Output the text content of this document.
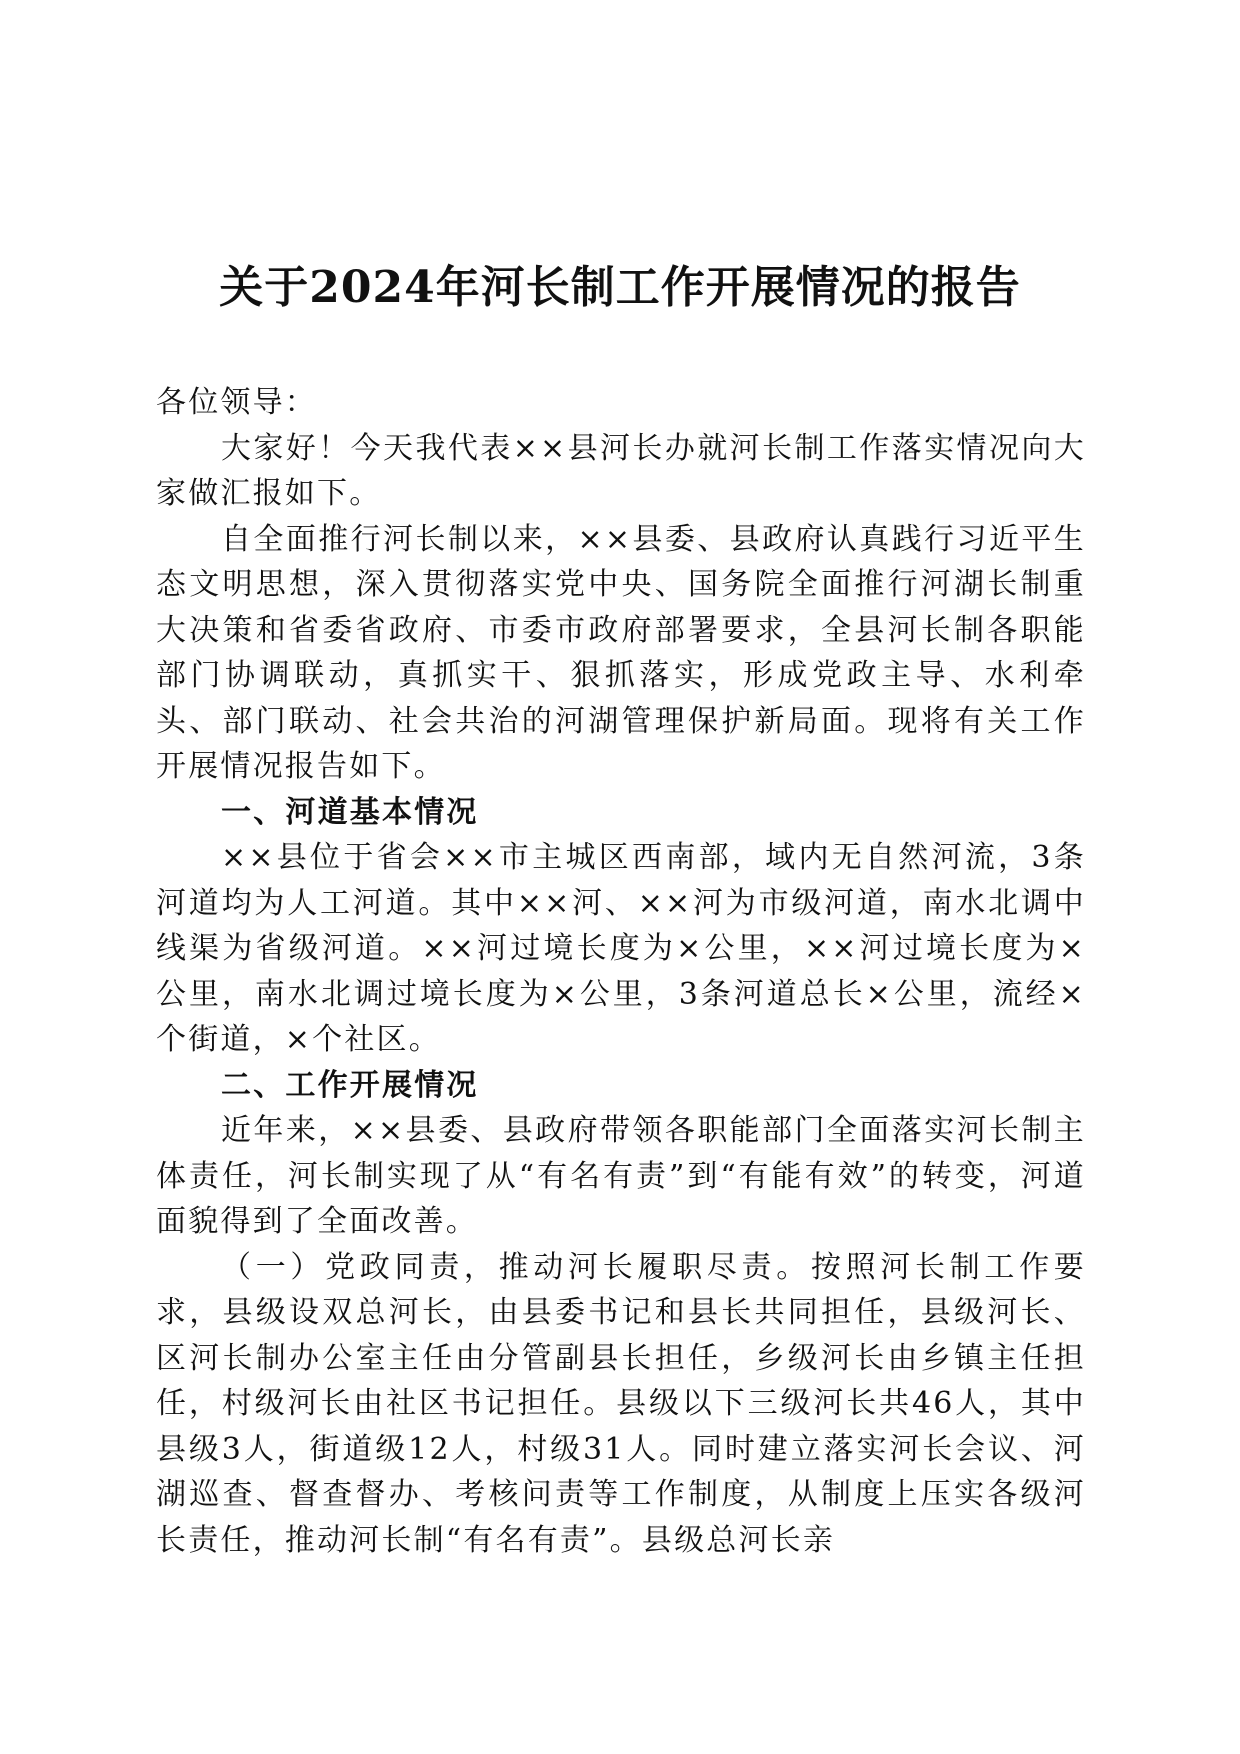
关于2024年河长制工作开展情况的报告

各位领导：

大家好！今天我代表××县河长办就河长制工作落实情况向大家做汇报如下。

自全面推行河长制以来，××县委、县政府认真践行习近平生态文明思想，深入贯彻落实党中央、国务院全面推行河湖长制重大决策和省委省政府、市委市政府部署要求，全县河长制各职能部门协调联动，真抓实干、狠抓落实，形成党政主导、水利牵头、部门联动、社会共治的河湖管理保护新局面。现将有关工作开展情况报告如下。

一、河道基本情况

××县位于省会××市主城区西南部，域内无自然河流，3条河道均为人工河道。其中××河、××河为市级河道，南水北调中线渠为省级河道。××河过境长度为×公里，××河过境长度为×公里，南水北调过境长度为×公里，3条河道总长×公里，流经×个街道，×个社区。

二、工作开展情况

近年来，××县委、县政府带领各职能部门全面落实河长制主体责任，河长制实现了从“有名有责”到“有能有效”的转变，河道面貌得到了全面改善。

（一）党政同责，推动河长履职尽责。按照河长制工作要求，县级设双总河长，由县委书记和县长共同担任，县级河长、区河长制办公室主任由分管副县长担任，乡级河长由乡镇主任担任，村级河长由社区书记担任。县级以下三级河长共46人，其中县级3人，街道级12人，村级31人。同时建立落实河长会议、河湖巡查、督查督办、考核问责等工作制度，从制度上压实各级河长责任，推动河长制“有名有责”。县级总河长亲
